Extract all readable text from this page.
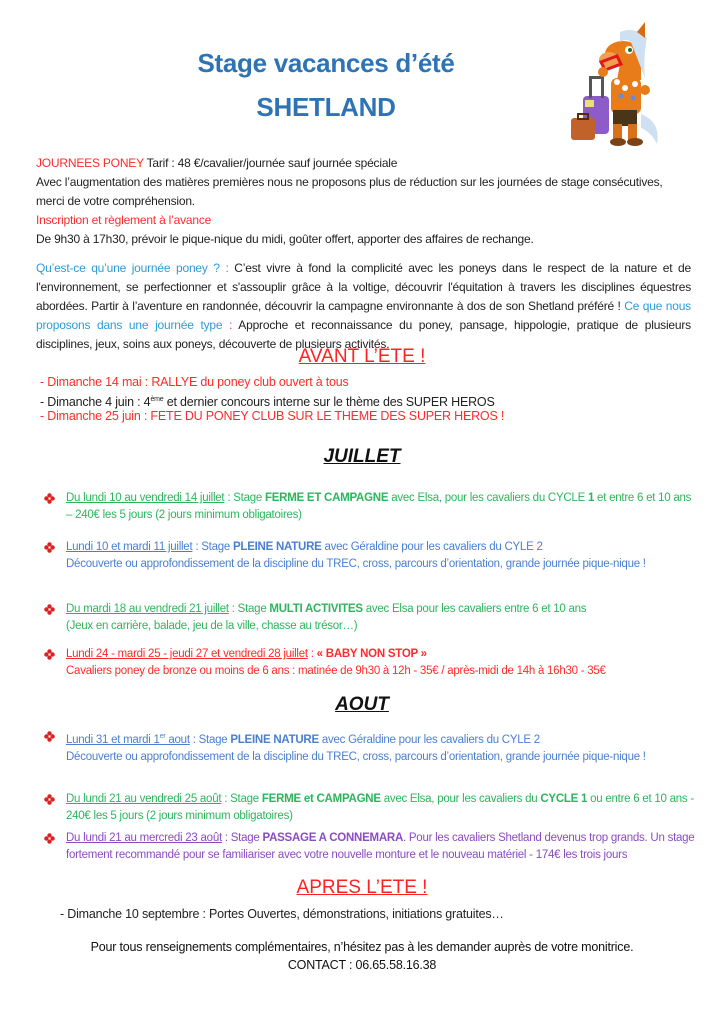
Stage vacances d’été
SHETLAND
JOURNEES PONEY Tarif : 48 €/cavalier/journée sauf journée spéciale
Avec l’augmentation des matières premières nous ne proposons plus de réduction sur les journées de stage consécutives, merci de votre compréhension.
Inscription et règlement à l’avance
De 9h30 à 17h30, prévoir le pique-nique du midi, goûter offert, apporter des affaires de rechange.
Qu’est-ce qu’une journée poney ? : C’est vivre à fond la complicité avec les poneys dans le respect de la nature et de l'environnement, se perfectionner et s'assouplir grâce à la voltige, découvrir l'équitation à travers les disciplines équestres abordées. Partir à l’aventure en randonnée, découvrir la campagne environnante à dos de son Shetland préféré ! Ce que nous proposons dans une journée type : Approche et reconnaissance du poney, pansage, hippologie, pratique de plusieurs disciplines, jeux, soins aux poneys, découverte de plusieurs activités.
AVANT L’ETE !
- Dimanche 14 mai : RALLYE du poney club ouvert à tous
- Dimanche 4 juin : 4ème et dernier concours interne sur le thème des SUPER HEROS
- Dimanche 25 juin : FETE DU PONEY CLUB SUR LE THEME DES SUPER HEROS !
JUILLET
Du lundi 10 au vendredi 14 juillet : Stage FERME ET CAMPAGNE avec Elsa, pour les cavaliers du CYCLE 1 et entre 6 et 10 ans – 240€ les 5 jours (2 jours minimum obligatoires)
Lundi 10 et mardi 11 juillet : Stage PLEINE NATURE avec Géraldine pour les cavaliers du CYLE 2
Découverte ou approfondissement de la discipline du TREC, cross, parcours d’orientation, grande journée pique-nique !
Du mardi 18 au vendredi 21 juillet : Stage MULTI ACTIVITES avec Elsa pour les cavaliers entre 6 et 10 ans
(Jeux en carrière, balade, jeu de la ville, chasse au trésor…)
Lundi 24 - mardi 25 - jeudi 27 et vendredi 28 juillet : « BABY NON STOP »
Cavaliers poney de bronze ou moins de 6 ans : matinée de 9h30 à 12h - 35€ / après-midi de 14h à 16h30 - 35€
AOUT
Lundi 31 et mardi 1er aout : Stage PLEINE NATURE avec Géraldine pour les cavaliers du CYLE 2
Découverte ou approfondissement de la discipline du TREC, cross, parcours d’orientation, grande journée pique-nique !
Du lundi 21 au vendredi 25 août : Stage FERME et CAMPAGNE avec Elsa, pour les cavaliers du CYCLE 1 ou entre 6 et 10 ans - 240€ les 5 jours (2 jours minimum obligatoires)
Du lundi 21 au mercredi 23 août : Stage PASSAGE A CONNEMARA. Pour les cavaliers Shetland devenus trop grands. Un stage fortement recommandé pour se familiariser avec votre nouvelle monture et le nouveau matériel - 174€ les trois jours
APRES L’ETE !
- Dimanche 10 septembre : Portes Ouvertes, démonstrations, initiations gratuites…
Pour tous renseignements complémentaires, n’hésitez pas à les demander auprès de votre monitrice.
CONTACT : 06.65.58.16.38
